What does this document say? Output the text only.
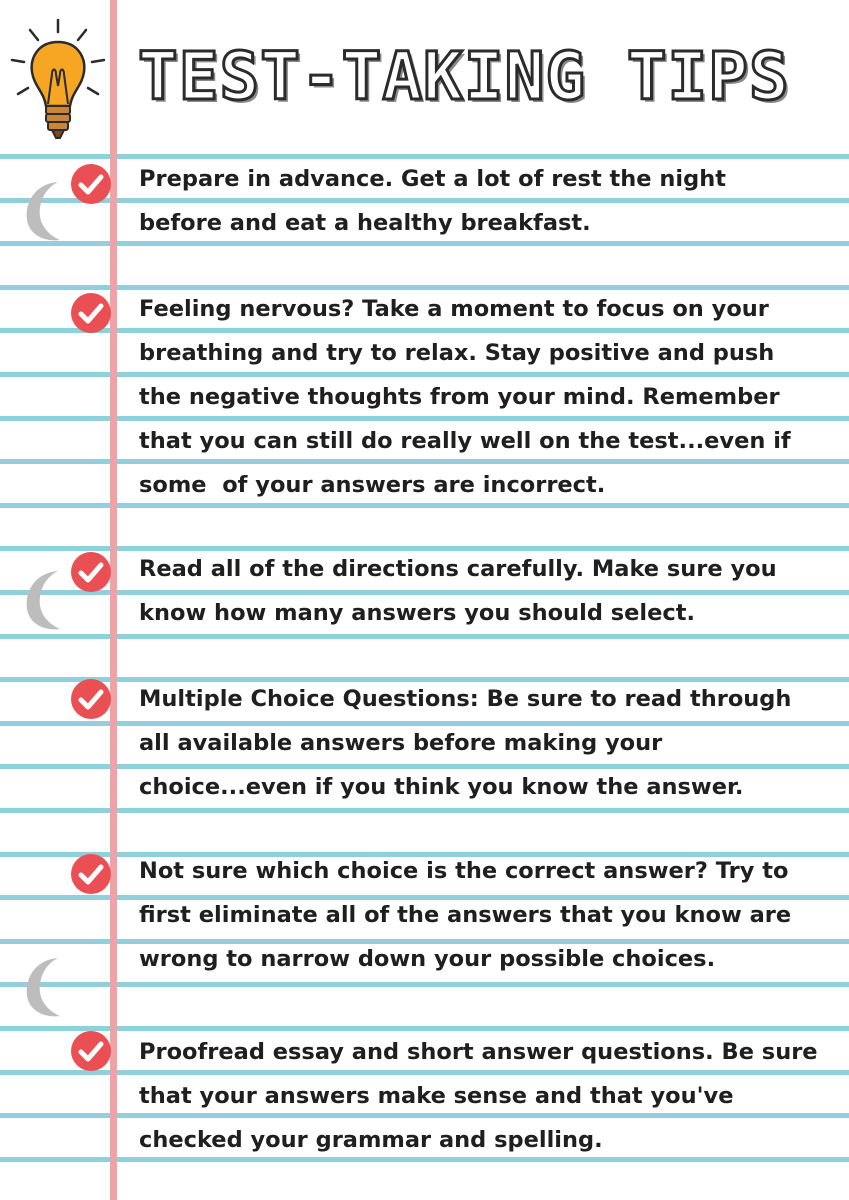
TEST-TAKING TIPS
Prepare in advance. Get a lot of rest the night
before and eat a healthy breakfast.
Feeling nervous? Take a moment to focus on your
breathing and try to relax. Stay positive and push
the negative thoughts from your mind. Remember
that you can still do really well on the test...even if
some  of your answers are incorrect.
Read all of the directions carefully. Make sure you
know how many answers you should select.
Multiple Choice Questions: Be sure to read through
all available answers before making your
choice...even if you think you know the answer.
Not sure which choice is the correct answer? Try to
first eliminate all of the answers that you know are
wrong to narrow down your possible choices.
Proofread essay and short answer questions. Be sure
that your answers make sense and that you've
checked your grammar and spelling.
